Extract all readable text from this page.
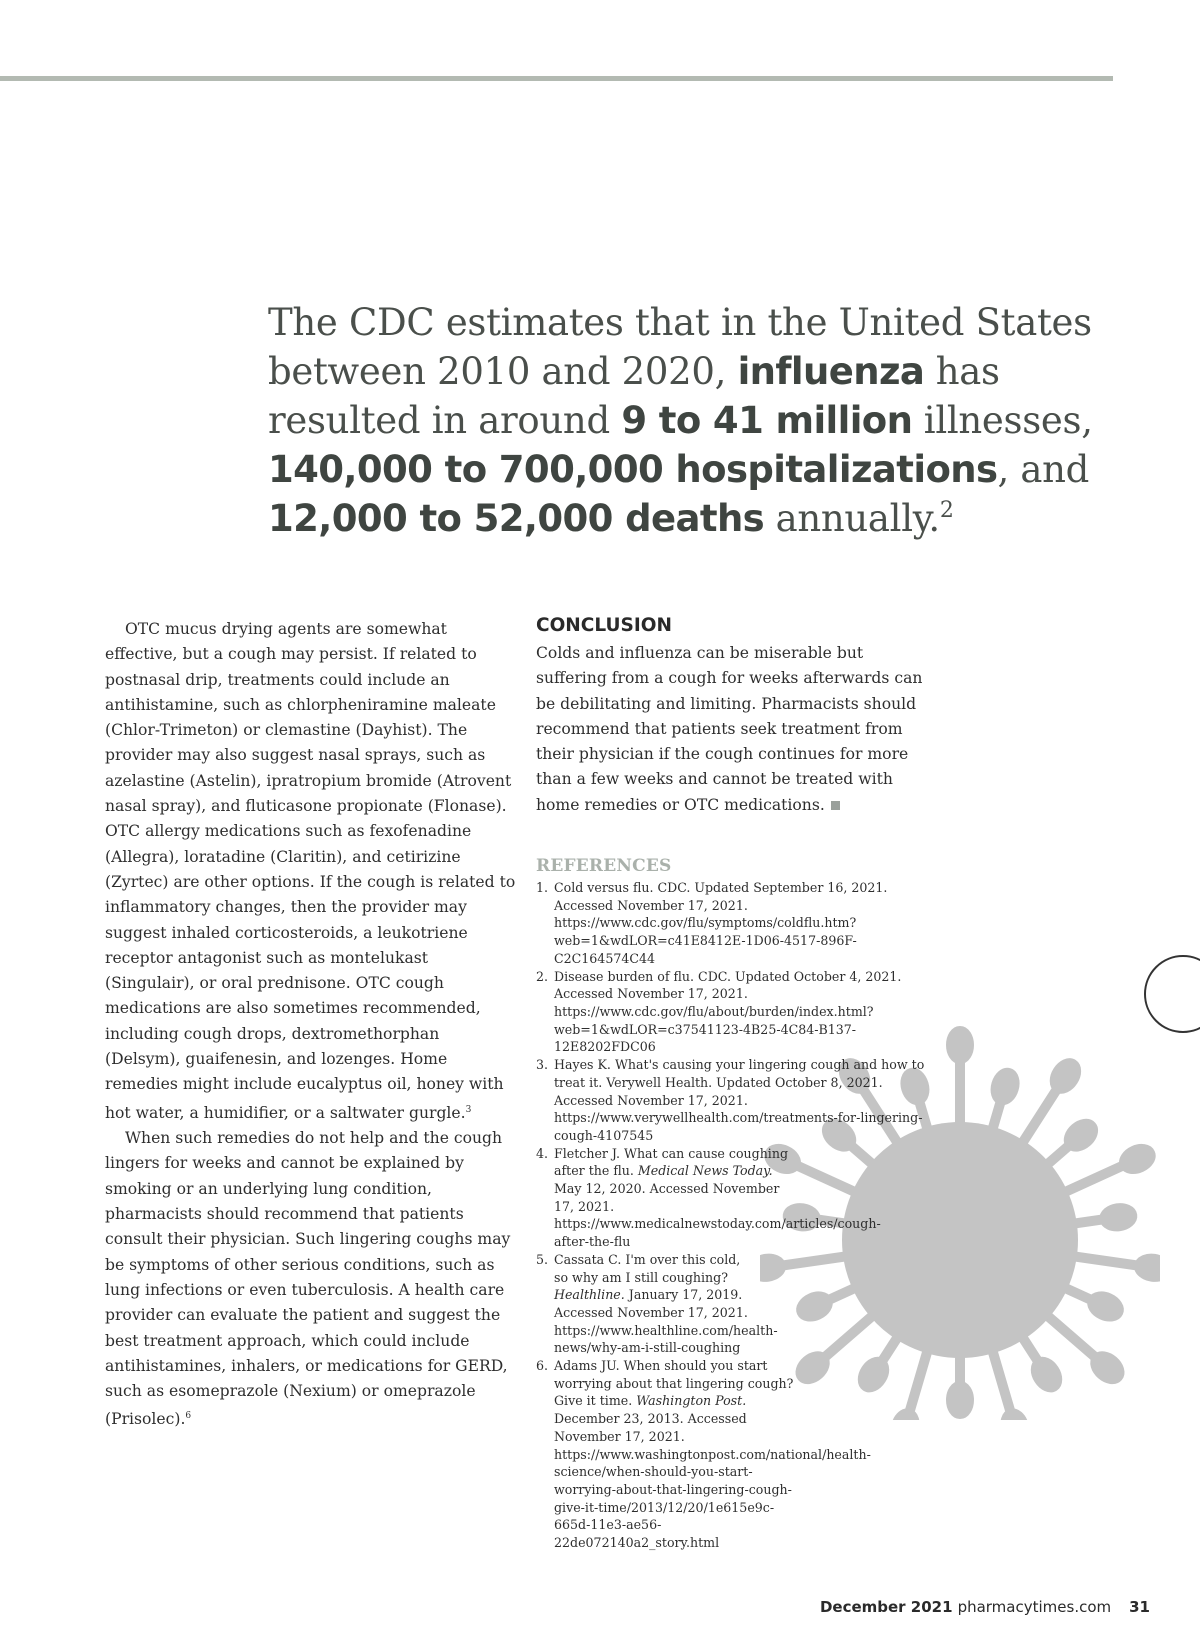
The CDC estimates that in the United States between 2010 and 2020, influenza has resulted in around 9 to 41 million illnesses, 140,000 to 700,000 hospitalizations, and 12,000 to 52,000 deaths annually.$^2$

OTC mucus drying agents are somewhat effective, but a cough may persist. If related to postnasal drip, treatments could include an antihistamine, such as chlorpheniramine maleate (Chlor-Trimeton) or clemastine (Dayhist). The provider may also suggest nasal sprays, such as azelastine (Astelin), ipratropium bromide (Atrovent nasal spray), and fluticasone propionate (Flonase). OTC allergy medications such as fexofenadine (Allegra), loratadine (Claritin), and cetirizine (Zyrtec) are other options. If the cough is related to inflammatory changes, then the provider may suggest inhaled corticosteroids, a leukotriene receptor antagonist such as montelukast (Singulair), or oral prednisone. OTC cough medications are also sometimes recommended, including cough drops, dextromethorphan (Delsym), guaifenesin, and lozenges. Home remedies might include eucalyptus oil, honey with hot water, a humidifier, or a saltwater gurgle.$^3$

When such remedies do not help and the cough lingers for weeks and cannot be explained by smoking or an underlying lung condition, pharmacists should recommend that patients consult their physician. Such lingering coughs may be symptoms of other serious conditions, such as lung infections or even tuberculosis. A health care provider can evaluate the patient and suggest the best treatment approach, which could include antihistamines, inhalers, or medications for GERD, such as esomeprazole (Nexium) or omeprazole (Prisolec).$^6$

CONCLUSION

Colds and influenza can be miserable but suffering from a cough for weeks afterwards can be debilitating and limiting. Pharmacists should recommend that patients seek treatment from their physician if the cough continues for more than a few weeks and cannot be treated with home remedies or OTC medications.

REFERENCES
1. Cold versus flu. CDC. Updated September 16, 2021. Accessed November 17, 2021. https://www.cdc.gov/flu/symptoms/coldflu.htm?web=1&wdLOR=c41E8412E-1D06-4517-896F-C2C164574C44
2. Disease burden of flu. CDC. Updated October 4, 2021. Accessed November 17, 2021. https://www.cdc.gov/flu/about/burden/index.html?web=1&wdLOR=c37541123-4B25-4C84-B137-12E8202FDC06
3. Hayes K. What's causing your lingering cough and how to treat it. Verywell Health. Updated October 8, 2021. Accessed November 17, 2021. https://www.verywellhealth.com/treatments-for-lingering-cough-4107545
4. Fletcher J. What can cause coughing after the flu. Medical News Today. May 12, 2020. Accessed November 17, 2021. https://www.medicalnewstoday.com/articles/cough-after-the-flu
5. Cassata C. I'm over this cold, so why am I still coughing? Healthline. January 17, 2019. Accessed November 17, 2021. https://www.healthline.com/health-news/why-am-i-still-coughing
6. Adams JU. When should you start worrying about that lingering cough? Give it time. Washington Post. December 23, 2013. Accessed November 17, 2021. https://www.washingtonpost.com/national/health-science/when-should-you-start-worrying-about-that-lingering-cough-give-it-time/2013/12/20/1e615e9c-665d-11e3-ae56-22de072140a2_story.html
December 2021 pharmacytimes.com 31
